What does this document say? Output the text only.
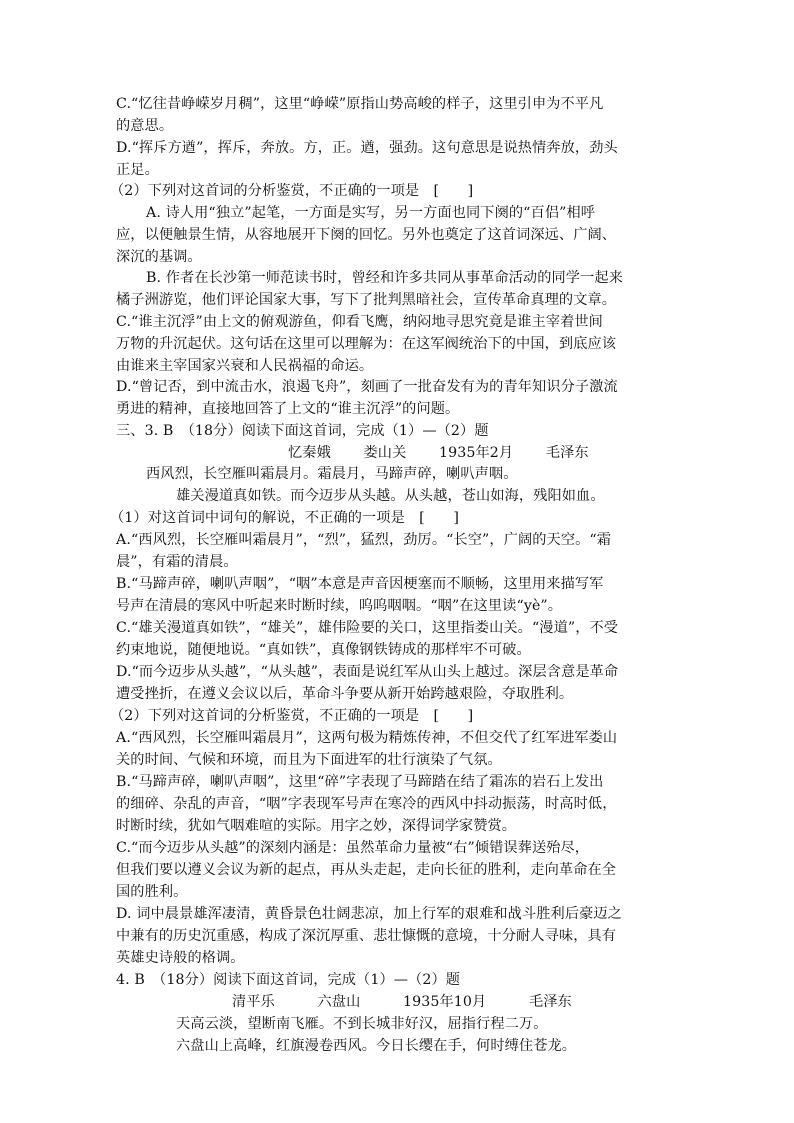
C.“忆往昔峥嵘岁月稠”，这里“峥嵘”原指山势高峻的样子，这里引申为不平凡
的意思。
D.“挥斥方遒”，挥斥，奔放。方，正。遒，强劲。这句意思是说热情奔放，劲头
正足。
（2）下列对这首词的分析鉴赏，不正确的一项是　[　　]
A. 诗人用“独立”起笔，一方面是实写，另一方面也同下阕的“百侣”相呼
应，以便触景生情，从容地展开下阕的回忆。另外也奠定了这首词深远、广阔、
深沉的基调。
B. 作者在长沙第一师范读书时，曾经和许多共同从事革命活动的同学一起来
橘子洲游览，他们评论国家大事，写下了批判黑暗社会，宣传革命真理的文章。
C.“谁主沉浮”由上文的俯观游鱼，仰看飞鹰，纳闷地寻思究竟是谁主宰着世间
万物的升沉起伏。这句话在这里可以理解为：在这军阀统治下的中国，到底应该
由谁来主宰国家兴衰和人民祸福的命运。
D.“曾记否，到中流击水，浪遏飞舟”，刻画了一批奋发有为的青年知识分子激流
勇进的精神，直接地回答了上文的“谁主沉浮”的问题。
三、3. B　（18分）阅读下面这首词，完成（1）—（2）题
忆秦娥 娄山关 1935年2月 毛泽东
西风烈，长空雁叫霜晨月。霜晨月，马蹄声碎，喇叭声咽。
雄关漫道真如铁。而今迈步从头越。从头越，苍山如海，残阳如血。
（1）对这首词中词句的解说，不正确的一项是　[　　]
A.“西风烈，长空雁叫霜晨月”，“烈”，猛烈，劲厉。“长空”，广阔的天空。“霜
晨”，有霜的清晨。
B.“马蹄声碎，喇叭声咽”，“咽”本意是声音因梗塞而不顺畅，这里用来描写军
号声在清晨的寒风中听起来时断时续，呜呜咽咽。“咽”在这里读“yè”。
C.“雄关漫道真如铁”，“雄关”，雄伟险要的关口，这里指娄山关。“漫道”，不受
约束地说，随便地说。“真如铁”，真像钢铁铸成的那样牢不可破。
D.“而今迈步从头越”，“从头越”，表面是说红军从山头上越过。深层含意是革命
遭受挫折，在遵义会议以后，革命斗争要从新开始跨越艰险，夺取胜利。
（2）下列对这首词的分析鉴赏，不正确的一项是　[　　]
A.“西风烈，长空雁叫霜晨月”，这两句极为精炼传神，不但交代了红军进军娄山
关的时间、气候和环境，而且为下面进军的壮行演染了气氛。
B.“马蹄声碎，喇叭声咽”，这里“碎”字表现了马蹄踏在结了霜冻的岩石上发出
的细碎、杂乱的声音，“咽”字表现军号声在寒冷的西风中抖动振荡，时高时低，
时断时续，犹如气咽难喧的实际。用字之妙，深得词学家赞赏。
C.“而今迈步从头越”的深刻内涵是：虽然革命力量被“右”倾错误葬送殆尽，
但我们要以遵义会议为新的起点，再从头走起，走向长征的胜利，走向革命在全
国的胜利。
D. 词中晨景雄浑凄清，黄昏景色壮阔悲凉，加上行军的艰难和战斗胜利后豪迈之
中兼有的历史沉重感，构成了深沉厚重、悲壮慷慨的意境，十分耐人寻味，具有
英雄史诗般的格调。
4. B　（18分）阅读下面这首词，完成（1）—（2）题
清平乐	六盘山	1935年10月	毛泽东
天高云淡，望断南飞雁。不到长城非好汉，屈指行程二万。
六盘山上高峰，红旗漫卷西风。今日长缨在手，何时缚住苍龙。
